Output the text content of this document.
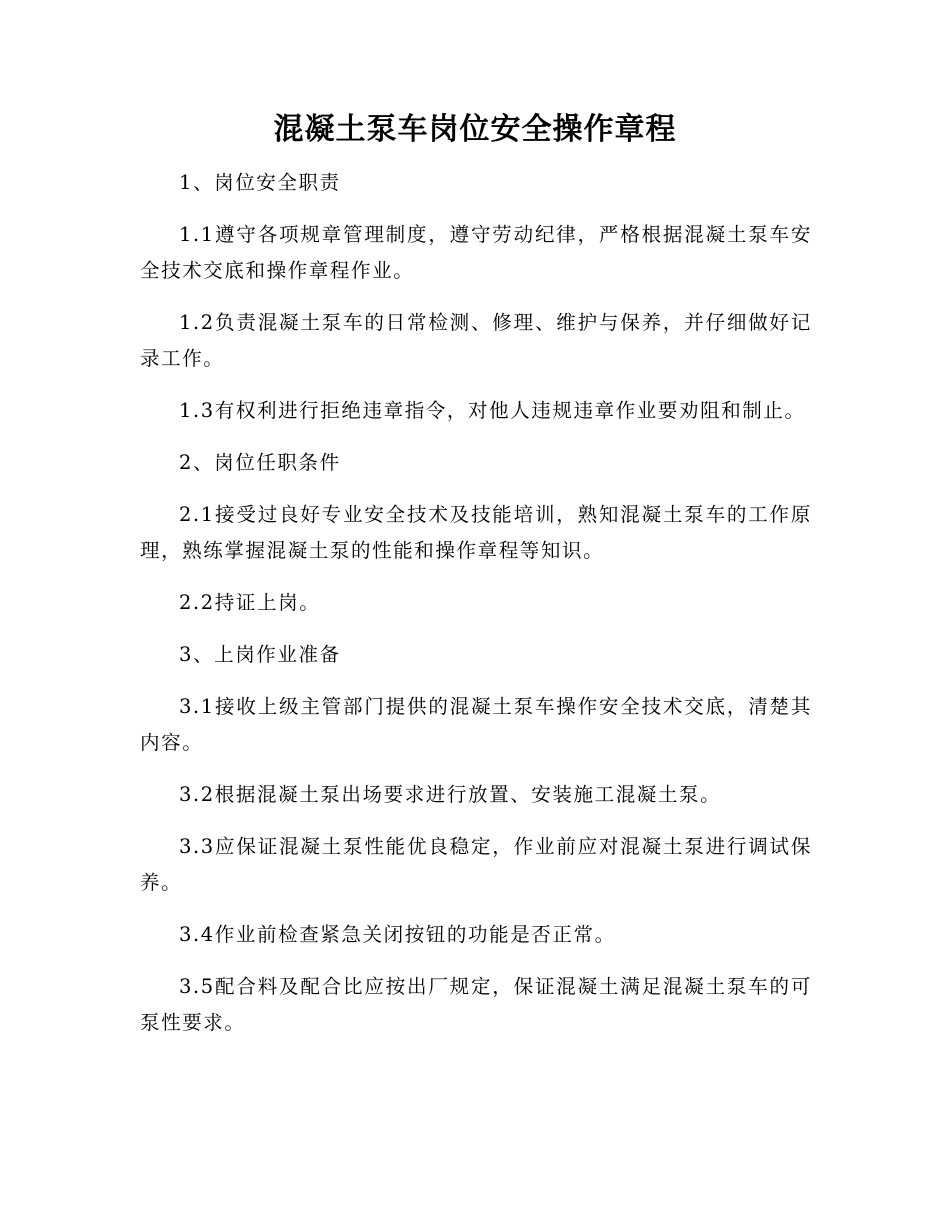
混凝土泵车岗位安全操作章程

1、岗位安全职责

1.1遵守各项规章管理制度，遵守劳动纪律，严格根据混凝土泵车安全技术交底和操作章程作业。

1.2负责混凝土泵车的日常检测、修理、维护与保养，并仔细做好记录工作。

1.3有权利进行拒绝违章指令，对他人违规违章作业要劝阻和制止。

2、岗位任职条件

2.1接受过良好专业安全技术及技能培训，熟知混凝土泵车的工作原理，熟练掌握混凝土泵的性能和操作章程等知识。

2.2持证上岗。

3、上岗作业准备

3.1接收上级主管部门提供的混凝土泵车操作安全技术交底，清楚其内容。

3.2根据混凝土泵出场要求进行放置、安装施工混凝土泵。

3.3应保证混凝土泵性能优良稳定，作业前应对混凝土泵进行调试保养。

3.4作业前检查紧急关闭按钮的功能是否正常。

3.5配合料及配合比应按出厂规定，保证混凝土满足混凝土泵车的可泵性要求。
